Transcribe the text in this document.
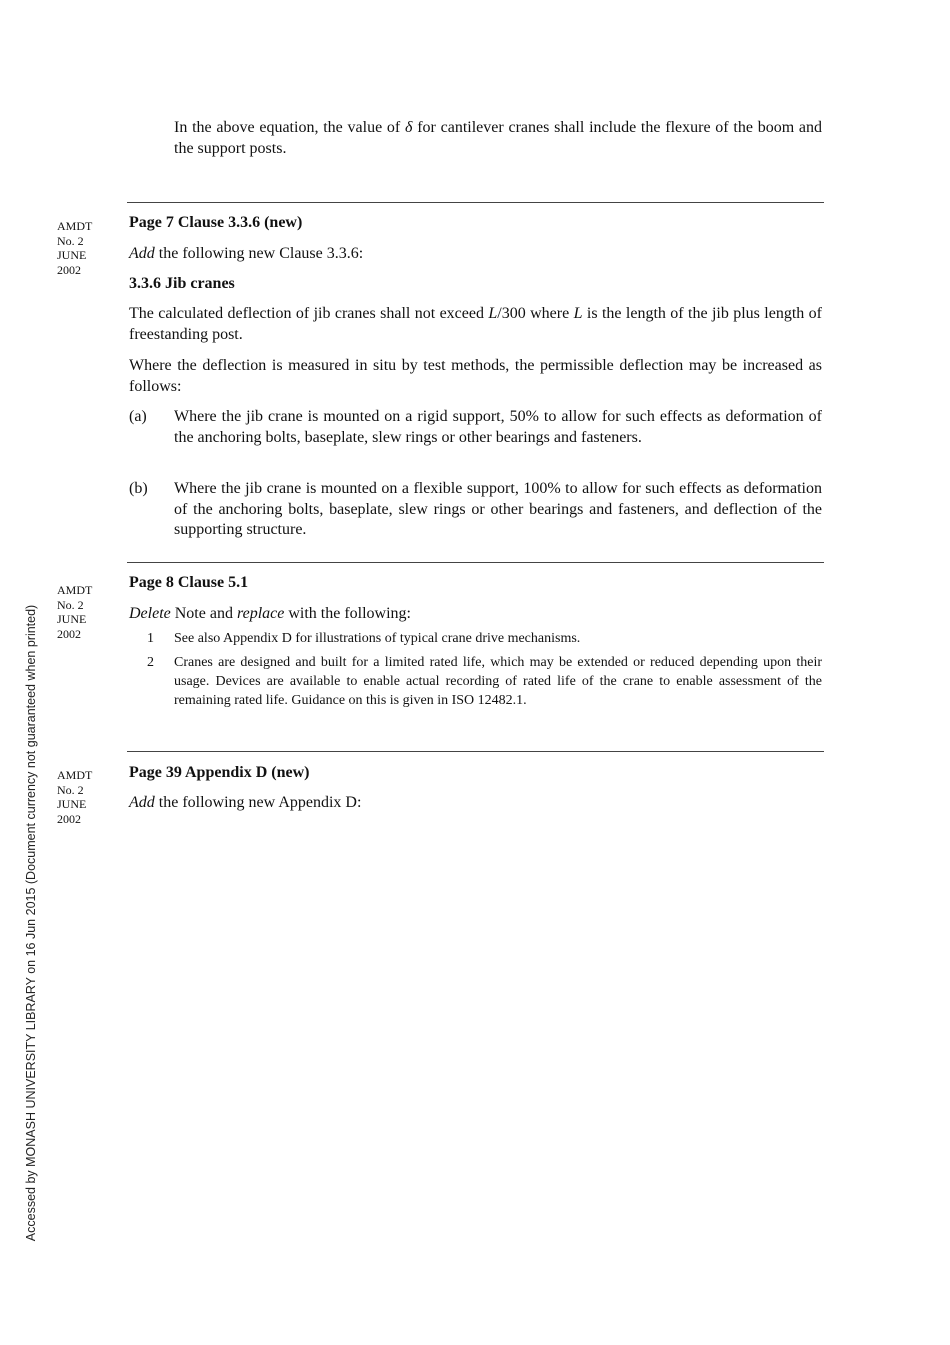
Accessed by MONASH UNIVERSITY LIBRARY on 16 Jun 2015 (Document currency not guaranteed when printed)

In the above equation, the value of δ for cantilever cranes shall include the flexure of the boom and the support posts.

AMDT
No. 2
JUNE
2002
Page 7 Clause 3.3.6 (new)

Add the following new Clause 3.3.6:

3.3.6 Jib cranes

The calculated deflection of jib cranes shall not exceed L/300 where L is the length of the jib plus length of freestanding post.

Where the deflection is measured in situ by test methods, the permissible deflection may be increased as follows:

(a) Where the jib crane is mounted on a rigid support, 50% to allow for such effects as deformation of the anchoring bolts, baseplate, slew rings or other bearings and fasteners.

(b) Where the jib crane is mounted on a flexible support, 100% to allow for such effects as deformation of the anchoring bolts, baseplate, slew rings or other bearings and fasteners, and deflection of the supporting structure.

AMDT
No. 2
JUNE
2002
Page 8 Clause 5.1

Delete Note and replace with the following:

1 See also Appendix D for illustrations of typical crane drive mechanisms.

2 Cranes are designed and built for a limited rated life, which may be extended or reduced depending upon their usage. Devices are available to enable actual recording of rated life of the crane to enable assessment of the remaining rated life. Guidance on this is given in ISO 12482.1.

AMDT
No. 2
JUNE
2002
Page 39 Appendix D (new)

Add the following new Appendix D:
